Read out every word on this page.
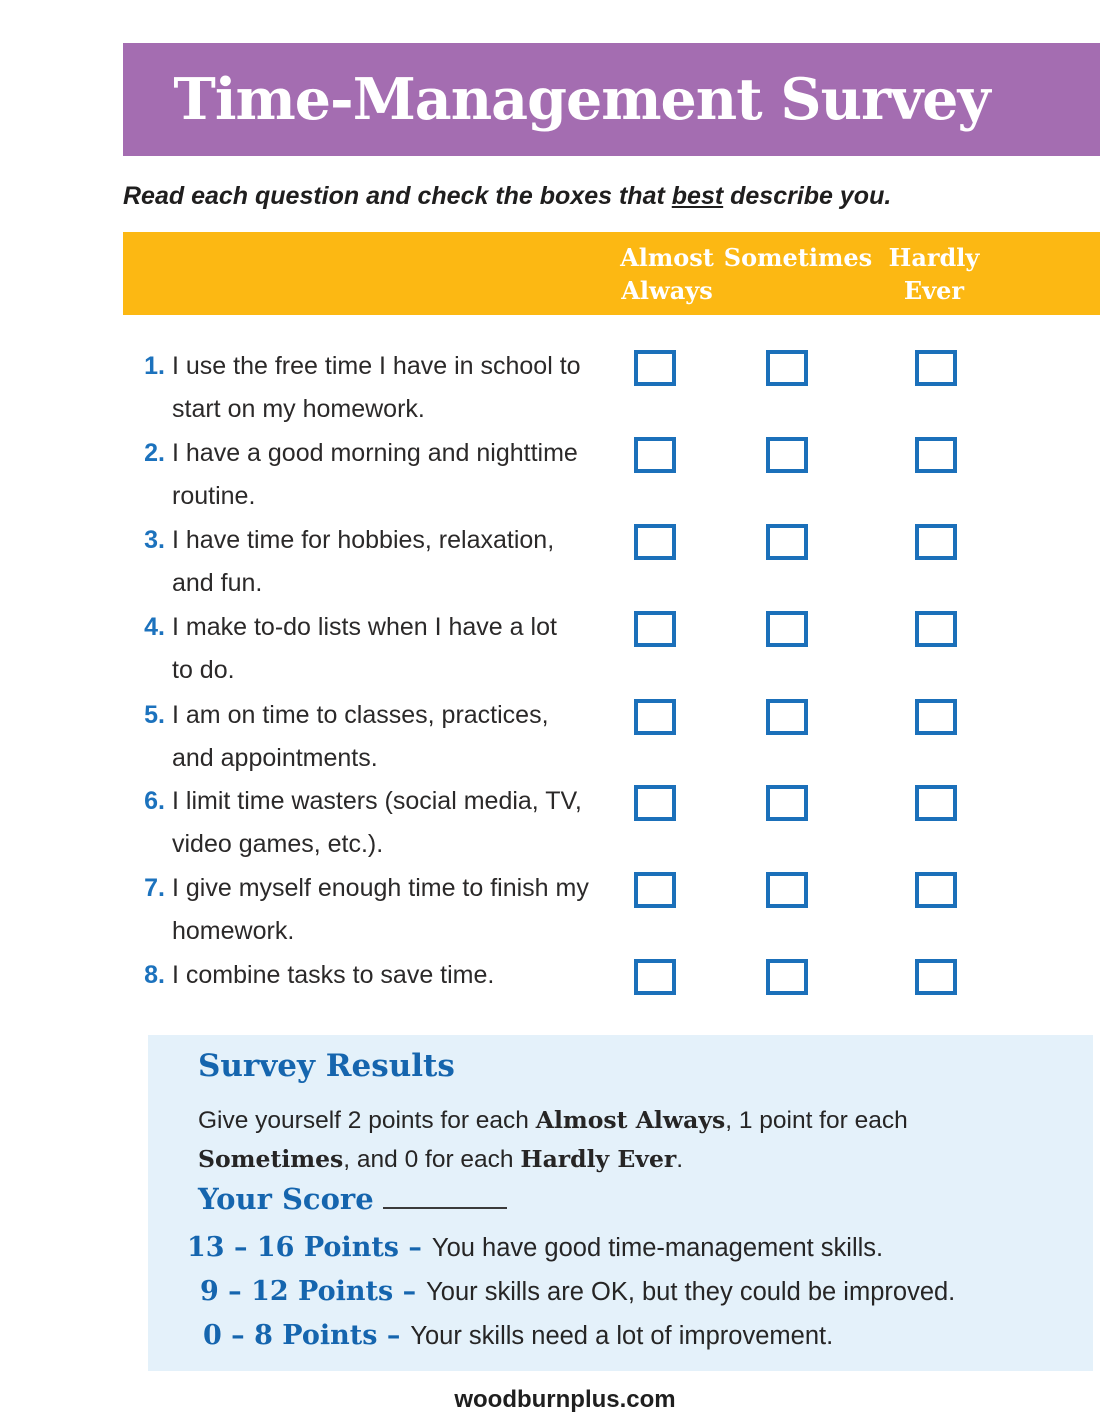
Time-Management Survey
Read each question and check the boxes that best describe you.
Almost
Always
Sometimes Hardly
Ever
1. I use the free time I have in school to
start on my homework.
2. I have a good morning and nighttime
routine.
3. I have time for hobbies, relaxation,
and fun.
4. I make to-do lists when I have a lot
to do.
5. I am on time to classes, practices,
and appointments.
6. I limit time wasters (social media, TV,
video games, etc.).
7. I give myself enough time to finish my
homework.
8. I combine tasks to save time.
Survey Results
Give yourself 2 points for each Almost Always, 1 point for each Sometimes, and 0 for each Hardly Ever.
Your Score
13 – 16 Points – You have good time-management skills.
9 – 12 Points – Your skills are OK, but they could be improved.
0 – 8 Points – Your skills need a lot of improvement.
woodburnplus.com
